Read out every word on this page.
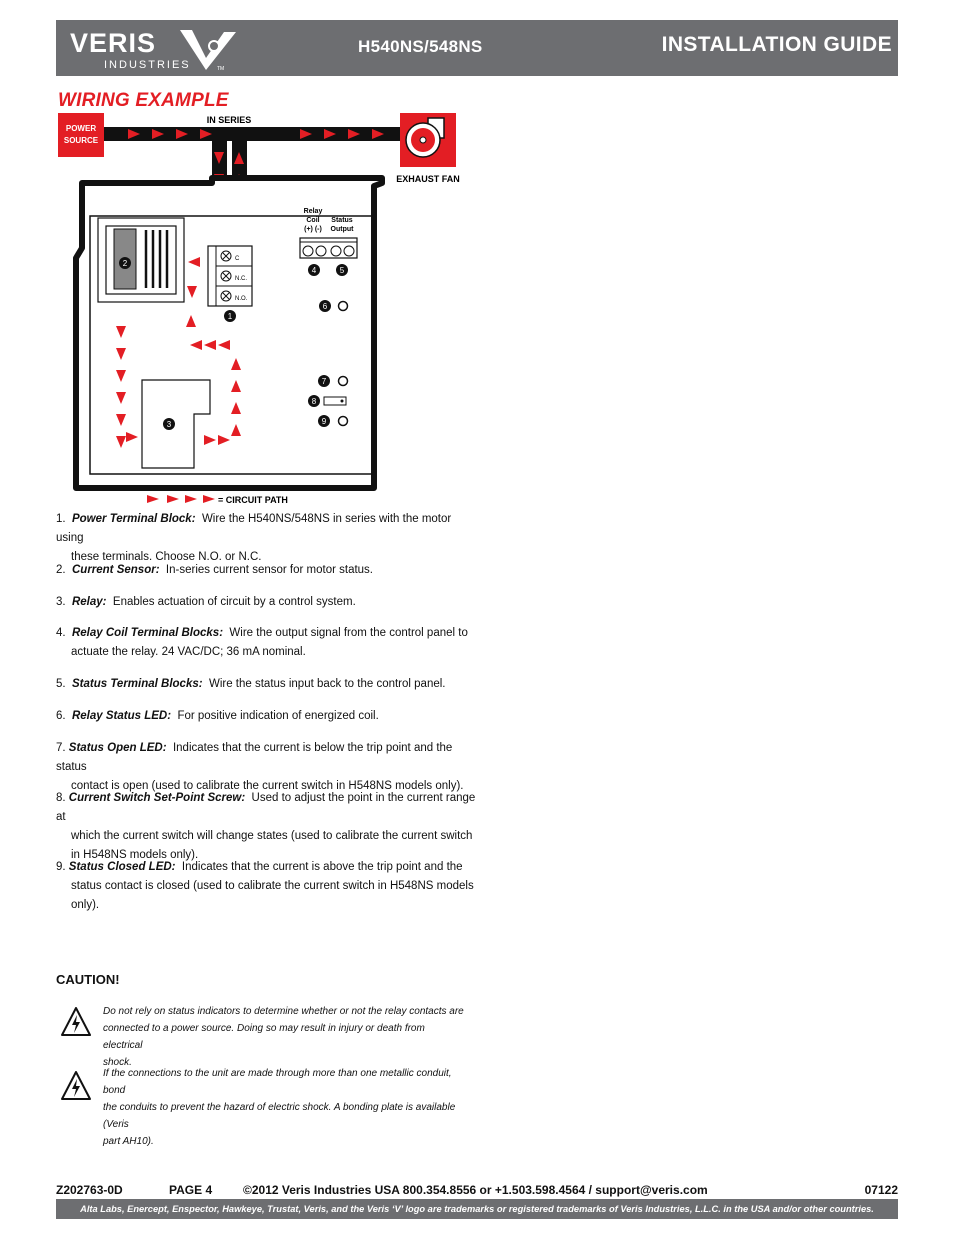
VERIS
INDUSTRIES	TM
H540NS/548NS	INSTALLATION GUIDE
WIRING EXAMPLE
POWER
SOURCE
IN SERIES
EXHAUST FAN
C
N.C.
N.O.
Relay
Coil
(+) (-)
Status
Output
2
1
3
4	5
6
7
8
9
= CIRCUIT PATH
1. Power Terminal Block: Wire the H540NS/548NS in series with the motor using

these terminals. Choose N.O. or N.C.
2. Current Sensor: In-series current sensor for motor status.
3. Relay: Enables actuation of circuit by a control system.
4. Relay Coil Terminal Blocks: Wire the output signal from the control panel to

actuate the relay. 24 VAC/DC; 36 mA nominal.
5. Status Terminal Blocks: Wire the status input back to the control panel.
6. Relay Status LED: For positive indication of energized coil.
7. Status Open LED: Indicates that the current is below the trip point and the status

contact is open (used to calibrate the current switch in H548NS models only).
8. Current Switch Set-Point Screw: Used to adjust the point in the current range at

which the current switch will change states (used to calibrate the current switch
in H548NS models only).
9. Status Closed LED: Indicates that the current is above the trip point and the

status contact is closed (used to calibrate the current switch in H548NS models
only).
CAUTION!
Do not rely on status indicators to determine whether or not the relay contacts are
connected to a power source. Doing so may result in injury or death from electrical
shock.
If the connections to the unit are made through more than one metallic conduit, bond
the conduits to prevent the hazard of electric shock. A bonding plate is available (Veris
part AH10).
Z202763-0D	PAGE 4	©2012 Veris Industries USA 800.354.8556 or +1.503.598.4564 / support@veris.com	07122
Alta Labs, Enercept, Enspector, Hawkeye, Trustat, Veris, and the Veris ‘V’ logo are trademarks or registered trademarks of Veris Industries, L.L.C. in the USA and/or other countries.
